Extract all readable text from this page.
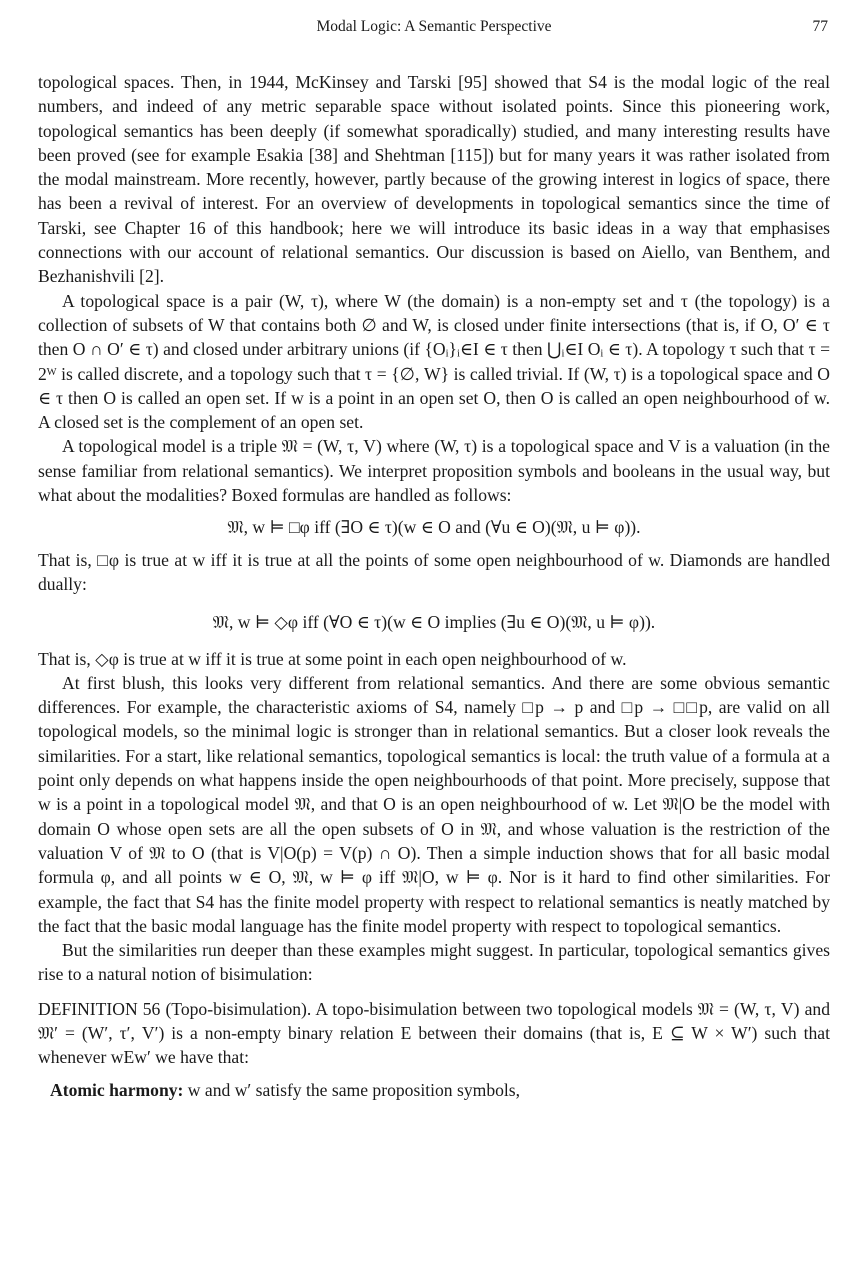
Modal Logic: A Semantic Perspective	77

topological spaces. Then, in 1944, McKinsey and Tarski [95] showed that S4 is the modal logic of the real numbers, and indeed of any metric separable space without isolated points. Since this pioneering work, topological semantics has been deeply (if somewhat sporadically) studied, and many interesting results have been proved (see for example Esakia [38] and Shehtman [115]) but for many years it was rather isolated from the modal mainstream. More recently, however, partly because of the growing interest in logics of space, there has been a revival of interest. For an overview of developments in topological semantics since the time of Tarski, see Chapter 16 of this handbook; here we will introduce its basic ideas in a way that emphasises connections with our account of relational semantics. Our discussion is based on Aiello, van Benthem, and Bezhanishvili [2].

A topological space is a pair (W, τ), where W (the domain) is a non-empty set and τ (the topology) is a collection of subsets of W that contains both ∅ and W, is closed under finite intersections (that is, if O, O′ ∈ τ then O ∩ O′ ∈ τ) and closed under arbitrary unions (if {Oᵢ}ᵢ∈I ∈ τ then ⋃ᵢ∈I Oᵢ ∈ τ). A topology τ such that τ = 2ᵂ is called discrete, and a topology such that τ = {∅, W} is called trivial. If (W, τ) is a topological space and O ∈ τ then O is called an open set. If w is a point in an open set O, then O is called an open neighbourhood of w. A closed set is the complement of an open set.

A topological model is a triple 𝔐 = (W, τ, V) where (W, τ) is a topological space and V is a valuation (in the sense familiar from relational semantics). We interpret proposition symbols and booleans in the usual way, but what about the modalities? Boxed formulas are handled as follows:

𝔐, w ⊨ □φ iff (∃O ∈ τ)(w ∈ O and (∀u ∈ O)(𝔐, u ⊨ φ)).

That is, □φ is true at w iff it is true at all the points of some open neighbourhood of w. Diamonds are handled dually:

𝔐, w ⊨ ◇φ iff (∀O ∈ τ)(w ∈ O implies (∃u ∈ O)(𝔐, u ⊨ φ)).

That is, ◇φ is true at w iff it is true at some point in each open neighbourhood of w.

At first blush, this looks very different from relational semantics. And there are some obvious semantic differences. For example, the characteristic axioms of S4, namely □p → p and □p → □□p, are valid on all topological models, so the minimal logic is stronger than in relational semantics. But a closer look reveals the similarities. For a start, like relational semantics, topological semantics is local: the truth value of a formula at a point only depends on what happens inside the open neighbourhoods of that point. More precisely, suppose that w is a point in a topological model 𝔐, and that O is an open neighbourhood of w. Let 𝔐|O be the model with domain O whose open sets are all the open subsets of O in 𝔐, and whose valuation is the restriction of the valuation V of 𝔐 to O (that is V|O(p) = V(p) ∩ O). Then a simple induction shows that for all basic modal formula φ, and all points w ∈ O, 𝔐, w ⊨ φ iff 𝔐|O, w ⊨ φ. Nor is it hard to find other similarities. For example, the fact that S4 has the finite model property with respect to relational semantics is neatly matched by the fact that the basic modal language has the finite model property with respect to topological semantics.

But the similarities run deeper than these examples might suggest. In particular, topological semantics gives rise to a natural notion of bisimulation:

DEFINITION 56 (Topo-bisimulation). A topo-bisimulation between two topological models 𝔐 = (W, τ, V) and 𝔐′ = (W′, τ′, V′) is a non-empty binary relation E between their domains (that is, E ⊆ W × W′) such that whenever wEw′ we have that:

Atomic harmony: w and w′ satisfy the same proposition symbols,
